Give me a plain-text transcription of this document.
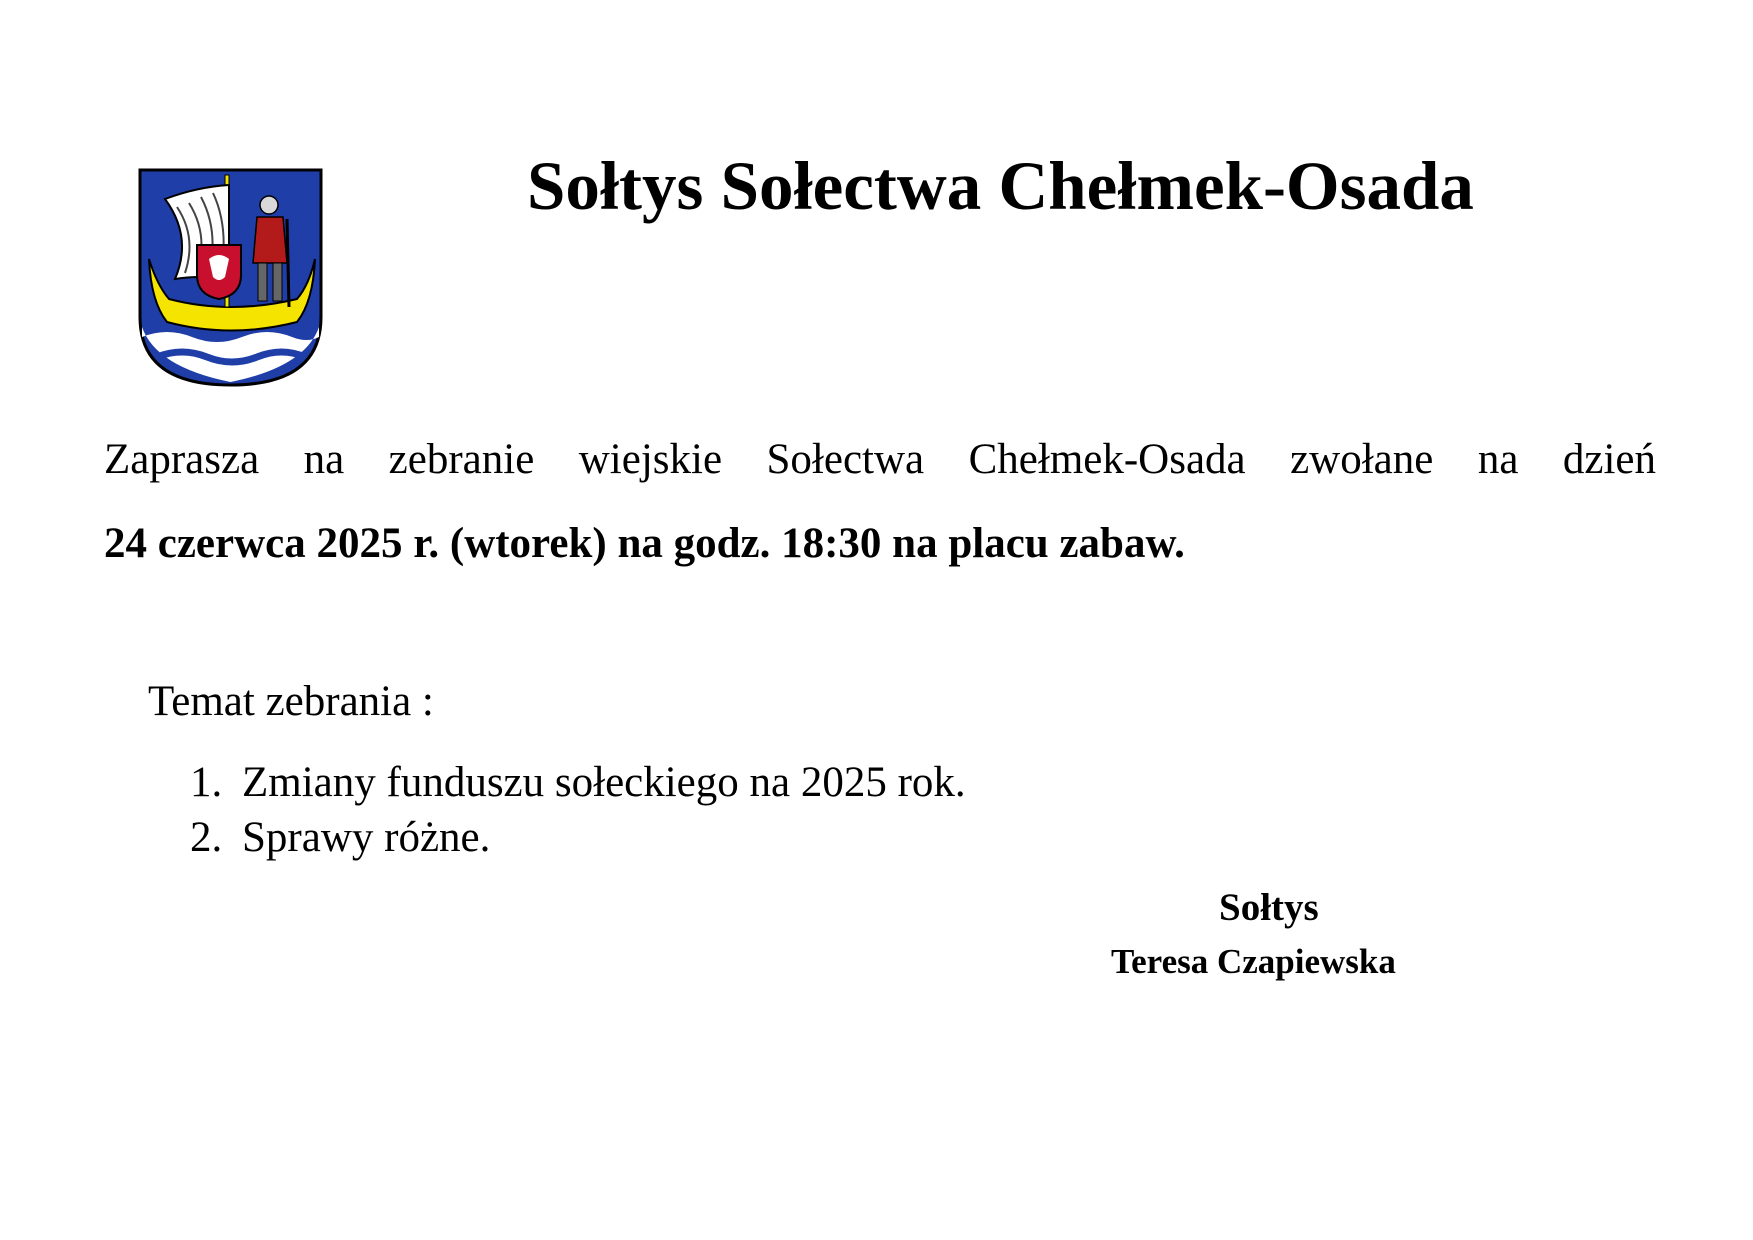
Sołtys Sołectwa Chełmek-Osada
Zaprasza na zebranie wiejskie Sołectwa Chełmek-Osada zwołane na dzień
24 czerwca 2025 r. (wtorek) na godz. 18:30 na placu zabaw.
Temat zebrania :
1. Zmiany funduszu sołeckiego na 2025 rok.
2. Sprawy różne.
Sołtys
Teresa Czapiewska
